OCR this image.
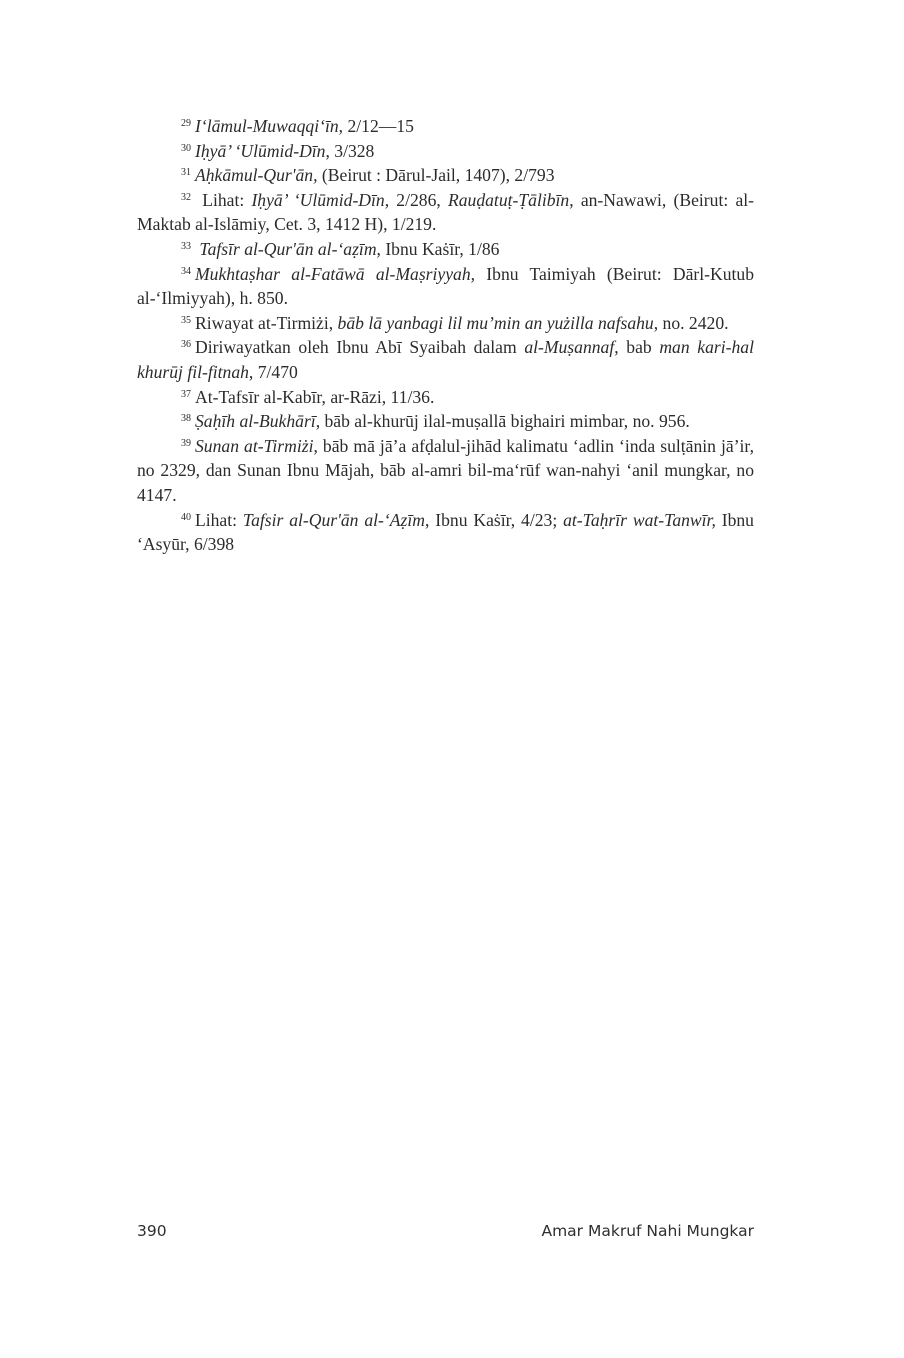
$^{29}$ I‘lāmul-Muwaqqi‘īn, 2/12—15

$^{30}$ Iḥyā’ ‘Ulūmid-Dīn, 3/328

$^{31}$ Aḥkāmul-Qur'ān, (Beirut : Dārul-Jail, 1407), 2/793

$^{32}$ Lihat: Iḥyā’ ‘Ulūmid-Dīn, 2/286, Rauḍatuṭ-Ṭālibīn, an-Nawawi, (Beirut: al-Maktab al-Islāmiy, Cet. 3, 1412 H), 1/219.

$^{33}$ Tafsīr al-Qur'ān al-‘aẓīm, Ibnu Kaṡīr, 1/86

$^{34}$ Mukhtaṣhar al-Fatāwā al-Maṣriyyah, Ibnu Taimiyah (Beirut: Dārl-Kutub al-‘Ilmiyyah), h. 850.

$^{35}$ Riwayat at-Tirmiżi, bāb lā yanbagi lil mu’min an yużilla nafsahu, no. 2420.

$^{36}$ Diriwayatkan oleh Ibnu Abī Syaibah dalam al-Muṣannaf, bab man kari-hal khurūj fil-fitnah, 7/470

$^{37}$ At-Tafsīr al-Kabīr, ar-Rāzi, 11/36.

$^{38}$ Ṣaḥīh al-Bukhārī, bāb al-khurūj ilal-muṣallā bighairi mimbar, no. 956.

$^{39}$ Sunan at-Tirmiżi, bāb mā jā’a afḍalul-jihād kalimatu ‘adlin ‘inda sulṭānin jā’ir, no 2329, dan Sunan Ibnu Mājah, bāb al-amri bil-ma‘rūf wan-nahyi ‘anil mungkar, no 4147.

$^{40}$ Lihat: Tafsir al-Qur'ān al-‘Aẓīm, Ibnu Kaṡīr, 4/23; at-Taḥrīr wat-Tanwīr, Ibnu ‘Asyūr, 6/398

390	Amar Makruf Nahi Mungkar
